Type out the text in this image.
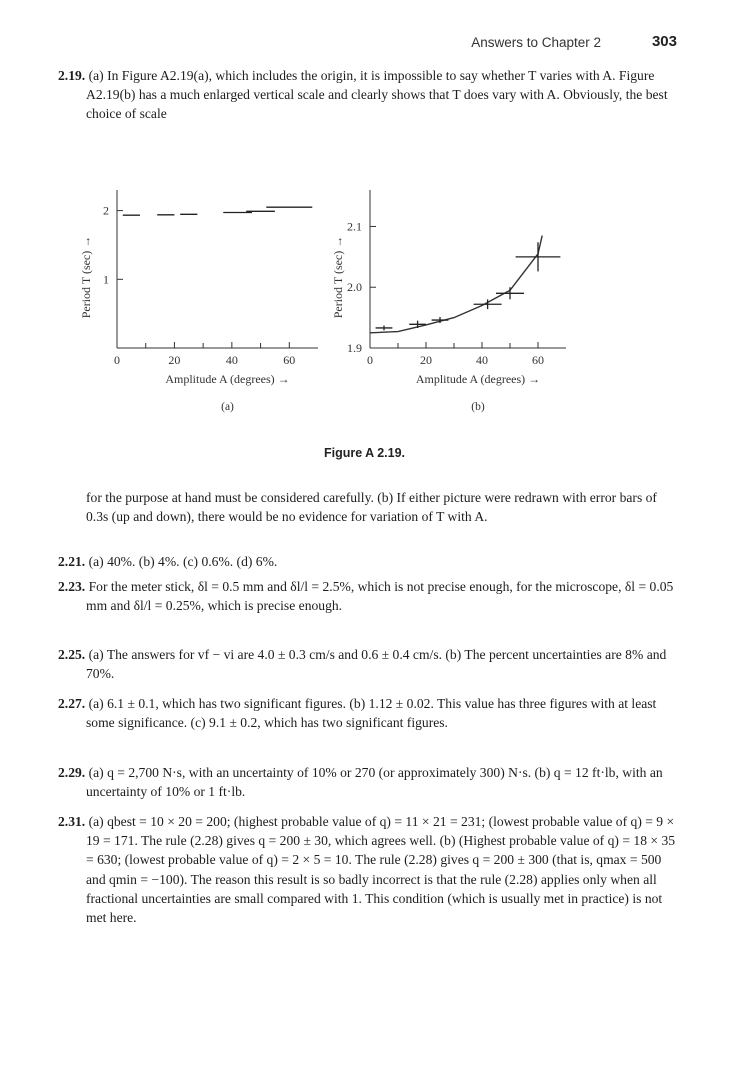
Answers to Chapter 2	303

2.19. (a) In Figure A2.19(a), which includes the origin, it is impossible to say whether T varies with A. Figure A2.19(b) has a much enlarged vertical scale and clearly shows that T does vary with A. Obviously, the best choice of scale

0	20	40	60
1
2
Period T (sec) →
Amplitude A (degrees) →
(a)
0	20	40	60
1.9
2.0
2.1
Period T (sec) →
Amplitude A (degrees) →
(b)
Figure A 2.19.
for the purpose at hand must be considered carefully. (b) If either picture were redrawn with error bars of 0.3s (up and down), there would be no evidence for variation of T with A.

2.21. (a) 40%. (b) 4%. (c) 0.6%. (d) 6%.

2.23. For the meter stick, δl = 0.5 mm and δl/l = 2.5%, which is not precise enough, for the microscope, δl = 0.05 mm and δl/l = 0.25%, which is precise enough.

2.25. (a) The answers for vf − vi are 4.0 ± 0.3 cm/s and 0.6 ± 0.4 cm/s. (b) The percent uncertainties are 8% and 70%.

2.27. (a) 6.1 ± 0.1, which has two significant figures. (b) 1.12 ± 0.02. This value has three figures with at least some significance. (c) 9.1 ± 0.2, which has two significant figures.

2.29. (a) q = 2,700 N·s, with an uncertainty of 10% or 270 (or approximately 300) N·s. (b) q = 12 ft·lb, with an uncertainty of 10% or 1 ft·lb.

2.31. (a) qbest = 10 × 20 = 200; (highest probable value of q) = 11 × 21 = 231; (lowest probable value of q) = 9 × 19 = 171. The rule (2.28) gives q = 200 ± 30, which agrees well. (b) (Highest probable value of q) = 18 × 35 = 630; (lowest probable value of q) = 2 × 5 = 10. The rule (2.28) gives q = 200 ± 300 (that is, qmax = 500 and qmin = −100). The reason this result is so badly incorrect is that the rule (2.28) applies only when all fractional uncertainties are small compared with 1. This condition (which is usually met in practice) is not met here.
